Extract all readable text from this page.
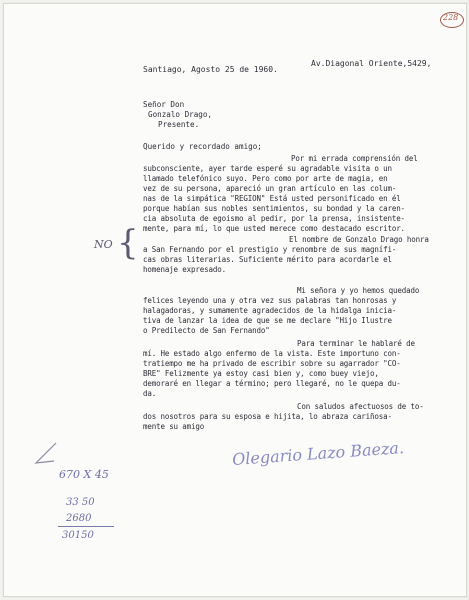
228
Av.Diagonal Oriente,5429,
Santiago, Agosto 25 de 1960.
Señor Don
Gonzalo Drago,
Presente.
Querido y recordado amigo;
Por mi errada comprensión del
subconsciente, ayer tarde esperé su agradable visita o un
llamado telefónico suyo. Pero como por arte de magia, en
vez de su persona, apareció un gran artículo en las colum-
nas de la simpática "REGION" Está usted personificado en él
porque habían sus nobles sentimientos, su bondad y la caren-
cia absoluta de egoismo al pedir, por la prensa, insistente-
mente, para mí, lo que usted merece como destacado escritor.
El nombre de Gonzalo Drago honra
a San Fernando por el prestigio y renombre de sus magnífi-
cas obras literarias. Suficiente mérito para acordarle el
homenaje expresado.
NO {
Mi señora y yo hemos quedado
felices leyendo una y otra vez sus palabras tan honrosas y
halagadoras, y sumamente agradecidos de la hidalga inicia-
tiva de lanzar la idea de que se me declare "Hijo Ilustre
o Predilecto de San Fernando"
Para terminar le hablaré de
mí. He estado algo enfermo de la vista. Este importuno con-
tratiempo me ha privado de escribir sobre su agarrador "CO-
BRE" Felizmente ya estoy casi bien y, como buey viejo,
demoraré en llegar a término; pero llegaré, no le quepa du-
da.
Con saludos afectuosos de to-
dos nosotros para su esposa e hijita, lo abraza cariñosa-
mente su amigo
Olegario Lazo Baeza.
670 X 45
33 50
2680
30150
